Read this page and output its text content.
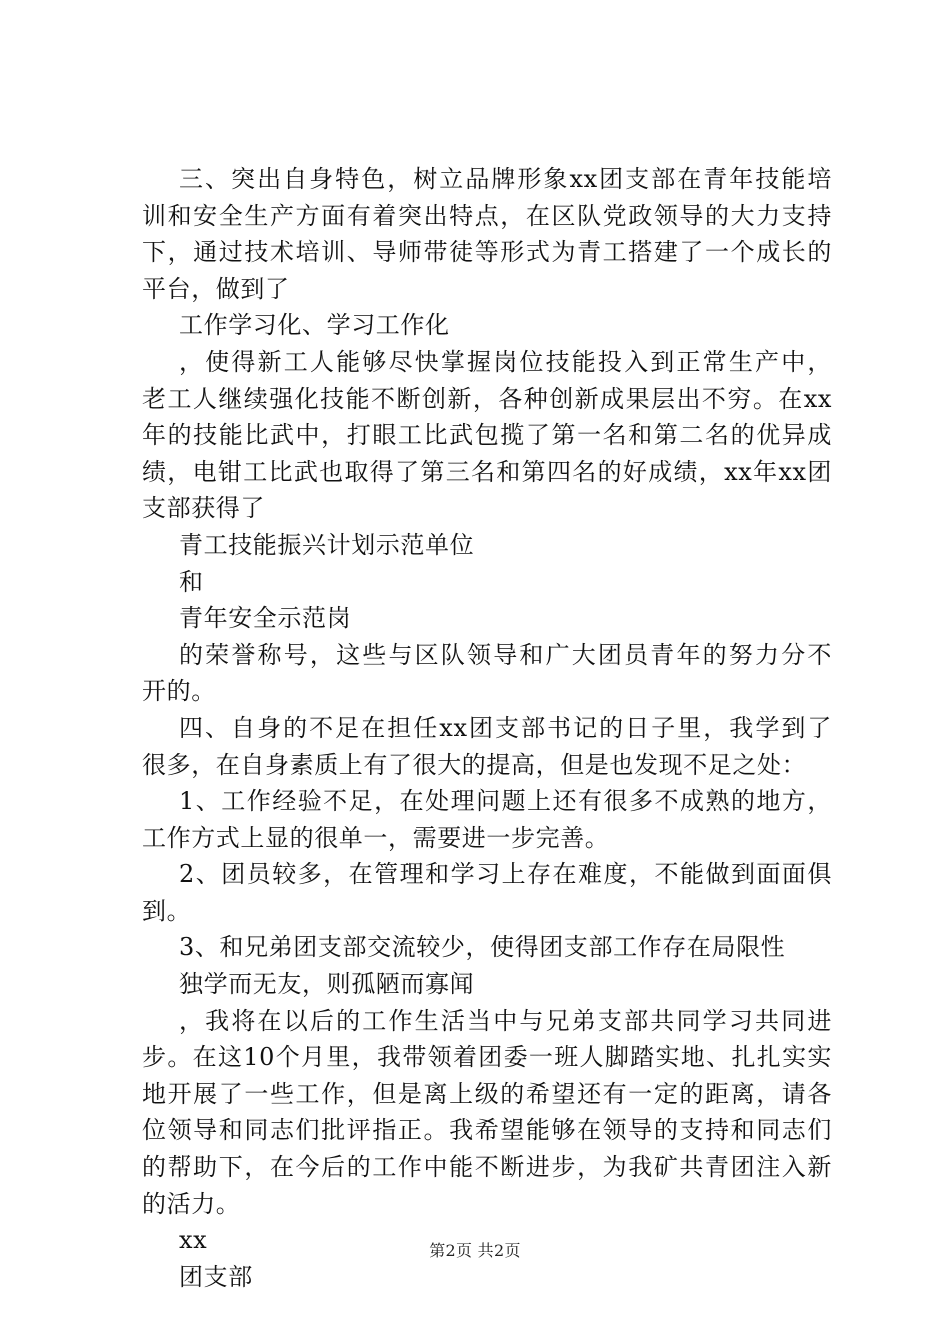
三、突出自身特色，树立品牌形象xx团支部在青年技能培
训和安全生产方面有着突出特点，在区队党政领导的大力支持
下，通过技术培训、导师带徒等形式为青工搭建了一个成长的
平台，做到了
工作学习化、学习工作化
，使得新工人能够尽快掌握岗位技能投入到正常生产中，
老工人继续强化技能不断创新，各种创新成果层出不穷。在xx
年的技能比武中，打眼工比武包揽了第一名和第二名的优异成
绩，电钳工比武也取得了第三名和第四名的好成绩，xx年xx团
支部获得了
青工技能振兴计划示范单位
和
青年安全示范岗
的荣誉称号，这些与区队领导和广大团员青年的努力分不
开的。
四、自身的不足在担任xx团支部书记的日子里，我学到了
很多，在自身素质上有了很大的提高，但是也发现不足之处：
1、工作经验不足，在处理问题上还有很多不成熟的地方，
工作方式上显的很单一，需要进一步完善。
2、团员较多，在管理和学习上存在难度，不能做到面面俱
到。
3、和兄弟团支部交流较少，使得团支部工作存在局限性
独学而无友，则孤陋而寡闻
，我将在以后的工作生活当中与兄弟支部共同学习共同进
步。在这10个月里，我带领着团委一班人脚踏实地、扎扎实实
地开展了一些工作，但是离上级的希望还有一定的距离，请各
位领导和同志们批评指正。我希望能够在领导的支持和同志们
的帮助下，在今后的工作中能不断进步，为我矿共青团注入新
的活力。
xx
团支部
第2页 共2页
